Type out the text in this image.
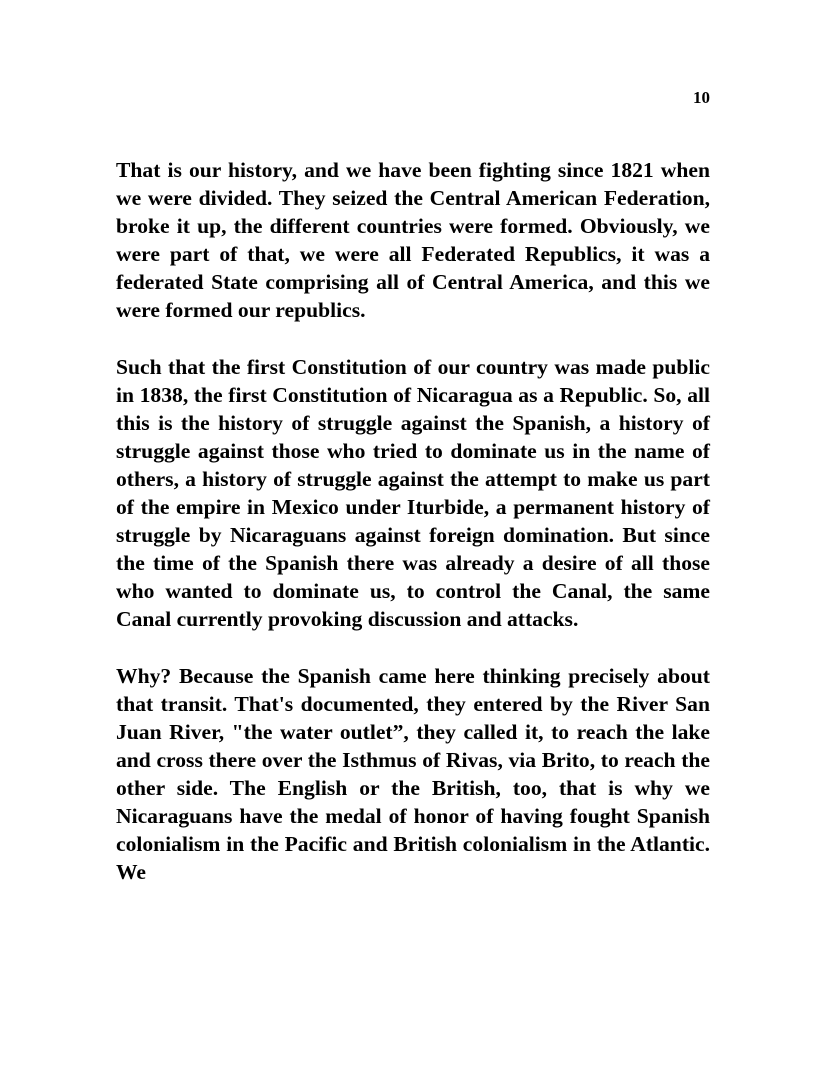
10

That is our history, and we have been fighting since 1821 when we were divided. They seized the Central American Federation, broke it up, the different countries were formed. Obviously, we were part of that, we were all Federated Republics, it was a federated State comprising all of Central America, and this we were formed our republics.

Such that the first Constitution of our country was made public in 1838, the first Constitution of Nicaragua as a Republic. So, all this is the history of struggle against the Spanish, a history of struggle against those who tried to dominate us in the name of others, a history of struggle against the attempt to make us part of the empire in Mexico under Iturbide, a permanent history of struggle by Nicaraguans against foreign domination. But since the time of the Spanish there was already a desire of all those who wanted to dominate us, to control the Canal, the same Canal currently provoking discussion and attacks.

Why? Because the Spanish came here thinking precisely about that transit. That's documented, they entered by the River San Juan River, "the water outlet”, they called it, to reach the lake and cross there over the Isthmus of Rivas, via Brito, to reach the other side. The English or the British, too, that is why we Nicaraguans have the medal of honor of having fought Spanish colonialism in the Pacific and British colonialism in the Atlantic. We
